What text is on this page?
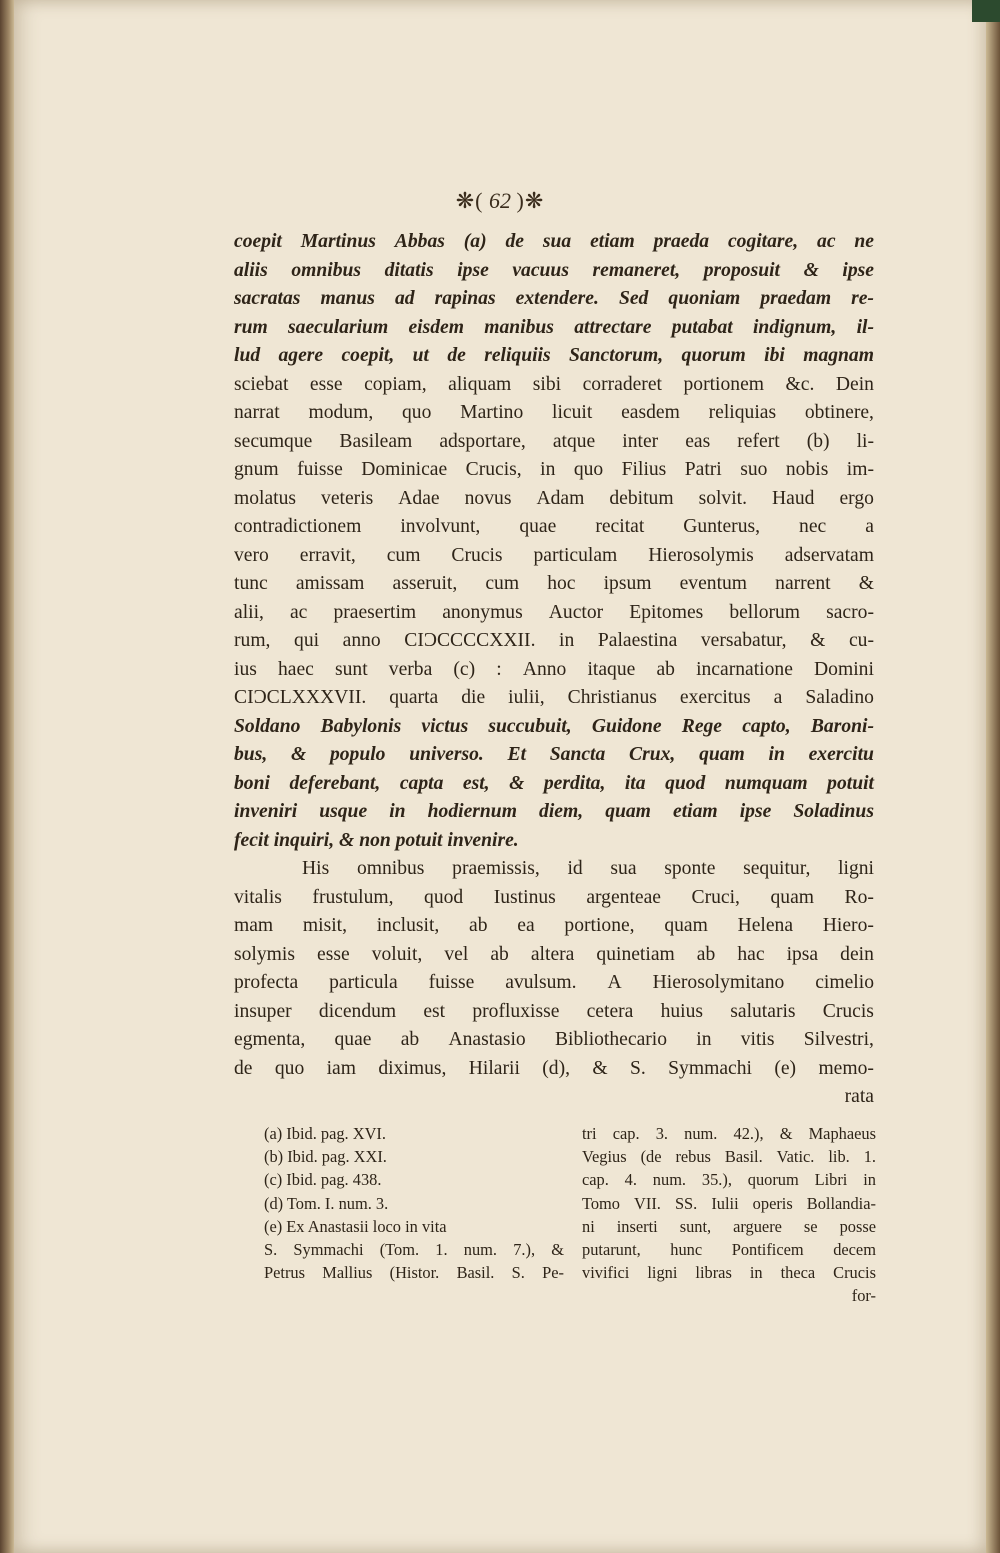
❋( 62 )❋
coepit Martinus Abbas (a) de sua etiam praeda cogitare, ac ne
aliis omnibus ditatis ipse vacuus remaneret, proposuit & ipse
sacratas manus ad rapinas extendere. Sed quoniam praedam re-
rum saecularium eisdem manibus attrectare putabat indignum, il-
lud agere coepit, ut de reliquiis Sanctorum, quorum ibi magnam
sciebat esse copiam, aliquam sibi corraderet portionem &c. Dein
narrat modum, quo Martino licuit easdem reliquias obtinere,
secumque Basileam adsportare, atque inter eas refert (b) li-
gnum fuisse Dominicae Crucis, in quo Filius Patri suo nobis im-
molatus veteris Adae novus Adam debitum solvit. Haud ergo
contradictionem involvunt, quae recitat Gunterus, nec a
vero erravit, cum Crucis particulam Hierosolymis adservatam
tunc amissam asseruit, cum hoc ipsum eventum narrent &
alii, ac praesertim anonymus Auctor Epitomes bellorum sacro-
rum, qui anno CIƆCCCCXXII. in Palaestina versabatur, & cu-
ius haec sunt verba (c) : Anno itaque ab incarnatione Domini
CIƆCLXXXVII. quarta die iulii, Christianus exercitus a Saladino
Soldano Babylonis victus succubuit, Guidone Rege capto, Baroni-
bus, & populo universo. Et Sancta Crux, quam in exercitu
boni deferebant, capta est, & perdita, ita quod numquam potuit
inveniri usque in hodiernum diem, quam etiam ipse Soladinus
fecit inquiri, & non potuit invenire.
His omnibus praemissis, id sua sponte sequitur, ligni
vitalis frustulum, quod Iustinus argenteae Cruci, quam Ro-
mam misit, inclusit, ab ea portione, quam Helena Hiero-
solymis esse voluit, vel ab altera quinetiam ab hac ipsa dein
profecta particula fuisse avulsum. A Hierosolymitano cimelio
insuper dicendum est profluxisse cetera huius salutaris Crucis
egmenta, quae ab Anastasio Bibliothecario in vitis Silvestri,
de quo iam diximus, Hilarii (d), & S. Symmachi (e) memo-
rata
(a) Ibid. pag. XVI.
(b) Ibid. pag. XXI.
(c) Ibid. pag. 438.
(d) Tom. I. num. 3.
(e) Ex Anastasii loco in vita
S. Symmachi (Tom. 1. num. 7.), &
Petrus Mallius (Histor. Basil. S. Pe-
tri cap. 3. num. 42.), & Maphaeus
Vegius (de rebus Basil. Vatic. lib. 1.
cap. 4. num. 35.), quorum Libri in
Tomo VII. SS. Iulii operis Bollandia-
ni inserti sunt, arguere se posse
putarunt, hunc Pontificem decem
vivifici ligni libras in theca Crucis
for-
